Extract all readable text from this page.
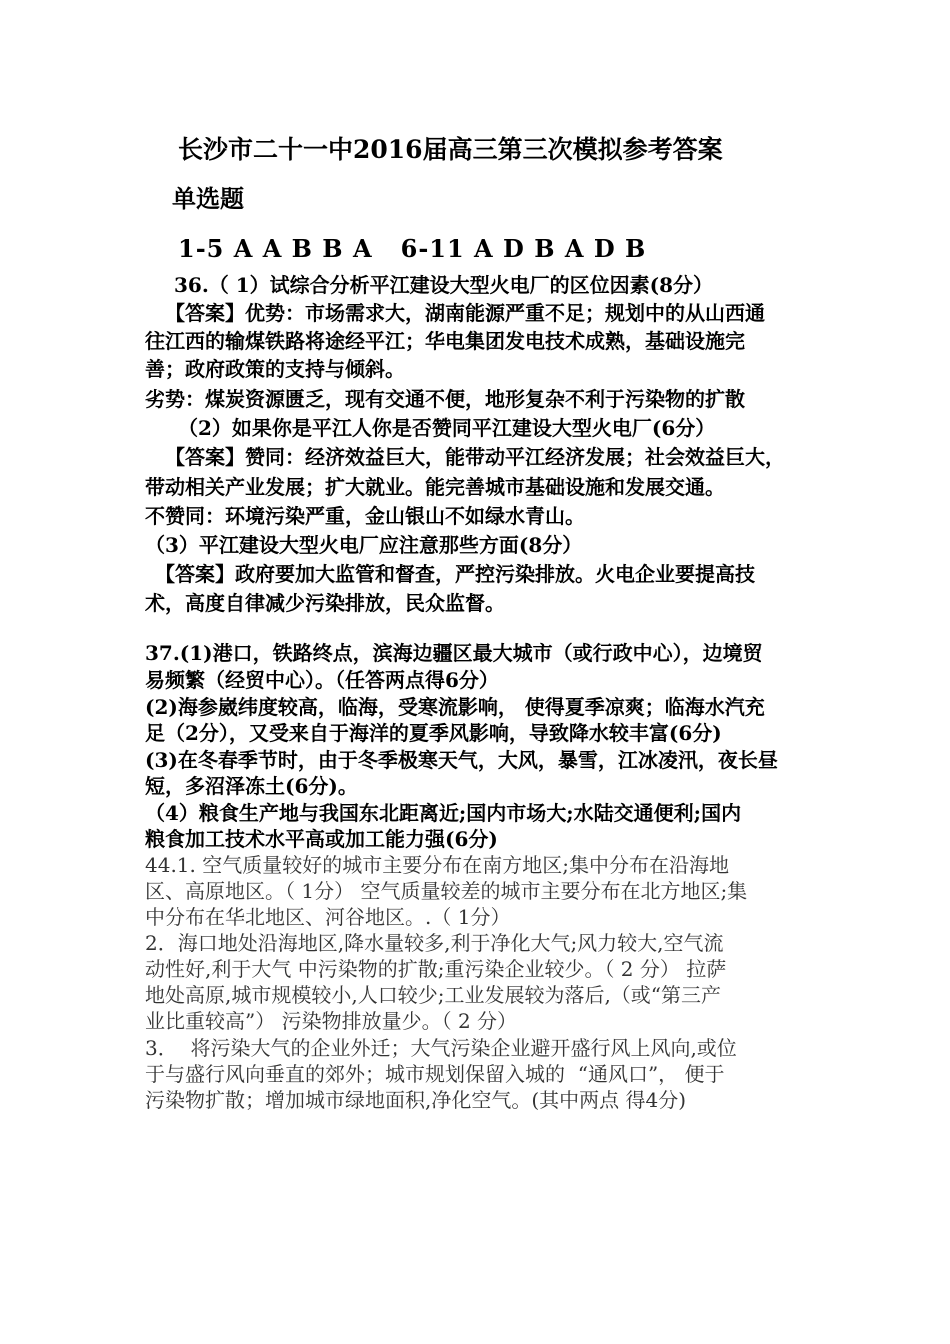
长沙市二十一中2016届高三第三次模拟参考答案
单选题
1-5 A A B B A   6-11 A D B A D B
36.（ 1）试综合分析平江建设大型火电厂的区位因素(8分）
【答案】优势：市场需求大，湖南能源严重不足；规划中的从山西通
往江西的输煤铁路将途经平江；华电集团发电技术成熟，基础设施完
善；政府政策的支持与倾斜。
劣势：煤炭资源匮乏，现有交通不便，地形复杂不利于污染物的扩散
（2）如果你是平江人你是否赞同平江建设大型火电厂(6分）
【答案】赞同：经济效益巨大，能带动平江经济发展；社会效益巨大，
带动相关产业发展；扩大就业。能完善城市基础设施和发展交通。
不赞同：环境污染严重，金山银山不如绿水青山。
（3）平江建设大型火电厂应注意那些方面(8分）
【答案】政府要加大监管和督查，严控污染排放。火电企业要提高技
术，高度自律减少污染排放，民众监督。
37.(1)港口，铁路终点，滨海边疆区最大城市（或行政中心），边境贸
易频繁（经贸中心）。（任答两点得6分）
(2)海参崴纬度较高，临海，受寒流影响， 使得夏季凉爽；临海水汽充
足（2分），又受来自于海洋的夏季风影响，导致降水较丰富(6分)
(3)在冬春季节时，由于冬季极寒天气，大风，暴雪，江冰凌汛，夜长昼
短，多沼泽冻土(6分)。
（4）粮食生产地与我国东北距离近;国内市场大;水陆交通便利;国内
粮食加工技术水平高或加工能力强(6分)
44.1. 空气质量较好的城市主要分布在南方地区;集中分布在沿海地
区、高原地区。（ 1分） 空气质量较差的城市主要分布在北方地区;集
中分布在华北地区、河谷地区。.（ 1分）
2．海口地处沿海地区,降水量较多,利于净化大气;风力较大,空气流
动性好,利于大气 中污染物的扩散;重污染企业较少。（ 2 分） 拉萨
地处高原,城市规模较小,人口较少;工业发展较为落后,（或“第三产
业比重较高”） 污染物排放量少。（ 2 分）
3．  将污染大气的企业外迁；大气污染企业避开盛行风上风向,或位
于与盛行风向垂直的郊外；城市规划保留入城的  “通风口”， 便于
污染物扩散；增加城市绿地面积,净化空气。(其中两点 得4分)
